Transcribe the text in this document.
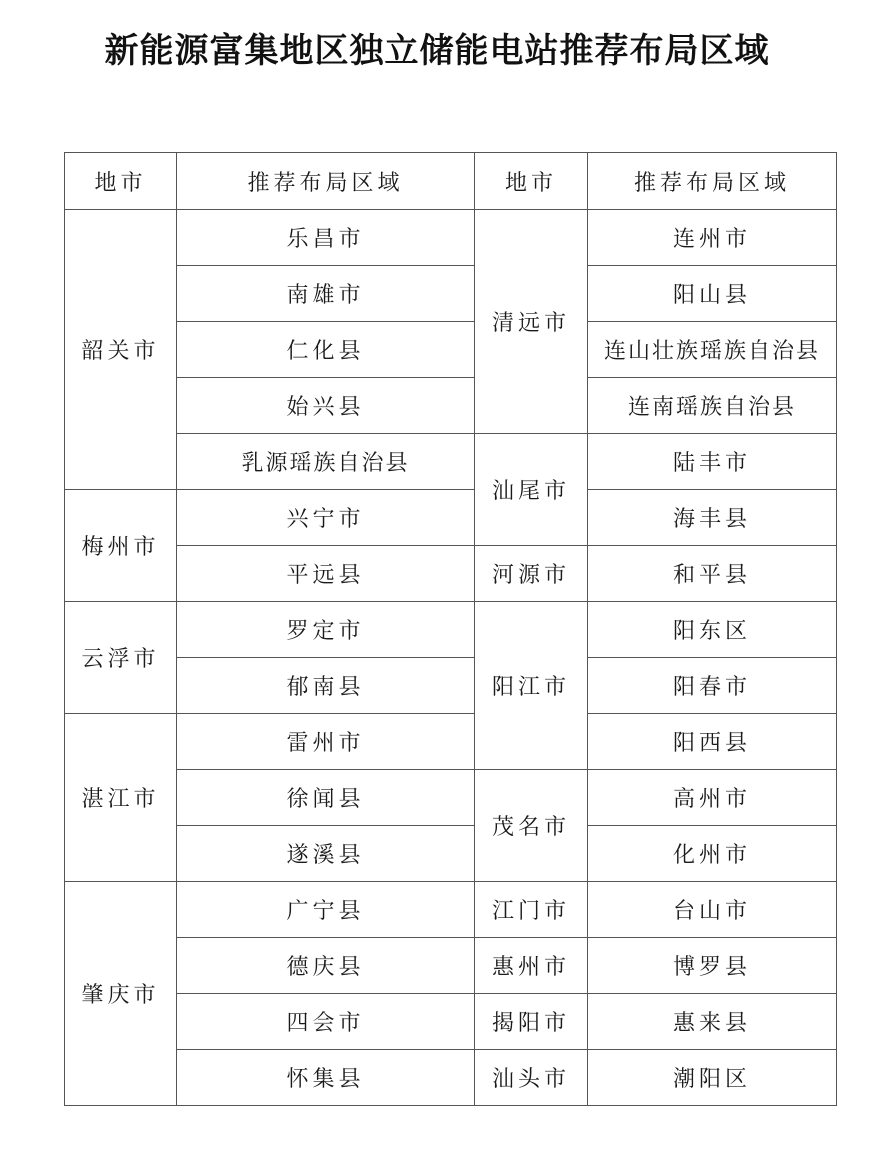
新能源富集地区独立储能电站推荐布局区域
地市	推荐布局区域	地市	推荐布局区域
韶关市	乐昌市	清远市	连州市
	南雄市		阳山县
	仁化县		连山壮族瑶族自治县
	始兴县		连南瑶族自治县
	乳源瑶族自治县	汕尾市	陆丰市
梅州市	兴宁市		海丰县
	平远县	河源市	和平县
云浮市	罗定市	阳江市	阳东区
	郁南县		阳春市
湛江市	雷州市		阳西县
	徐闻县	茂名市	高州市
	遂溪县		化州市
肇庆市	广宁县	江门市	台山市
	德庆县	惠州市	博罗县
	四会市	揭阳市	惠来县
	怀集县	汕头市	潮阳区
